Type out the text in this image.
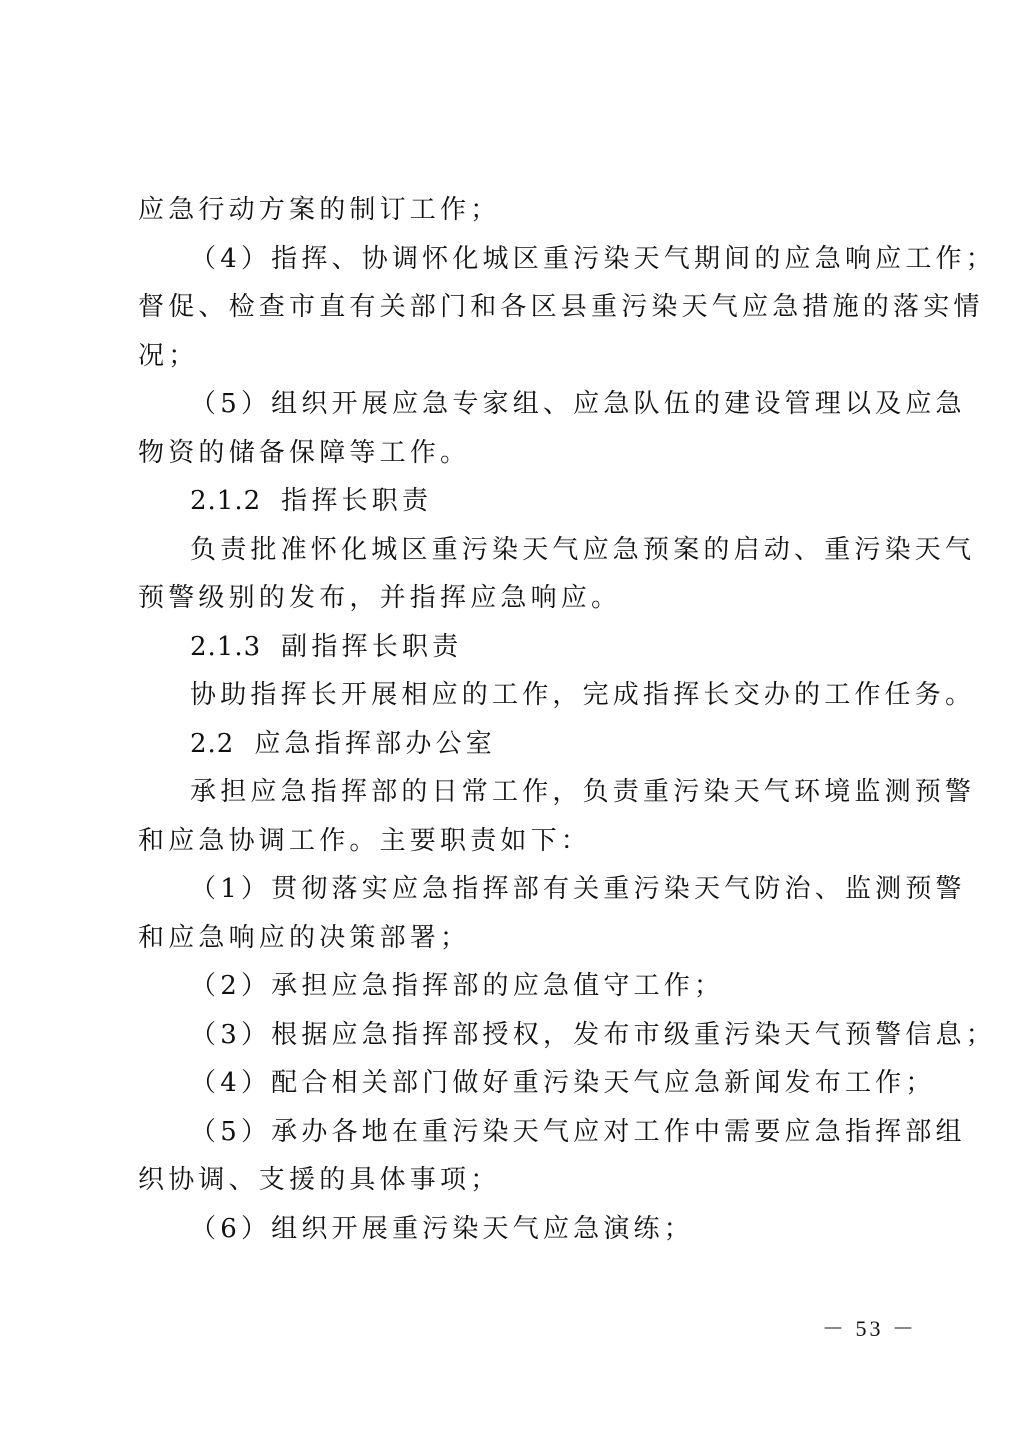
应急行动方案的制订工作；
（4）指挥、协调怀化城区重污染天气期间的应急响应工作；
督促、检查市直有关部门和各区县重污染天气应急措施的落实情
况；
（5）组织开展应急专家组、应急队伍的建设管理以及应急
物资的储备保障等工作。
2.1.2 指挥长职责
负责批准怀化城区重污染天气应急预案的启动、重污染天气
预警级别的发布，并指挥应急响应。
2.1.3 副指挥长职责
协助指挥长开展相应的工作，完成指挥长交办的工作任务。
2.2 应急指挥部办公室
承担应急指挥部的日常工作，负责重污染天气环境监测预警
和应急协调工作。主要职责如下：
（1）贯彻落实应急指挥部有关重污染天气防治、监测预警
和应急响应的决策部署；
（2）承担应急指挥部的应急值守工作；
（3）根据应急指挥部授权，发布市级重污染天气预警信息；
（4）配合相关部门做好重污染天气应急新闻发布工作；
（5）承办各地在重污染天气应对工作中需要应急指挥部组
织协调、支援的具体事项；
（6）组织开展重污染天气应急演练；
－ 53 －
